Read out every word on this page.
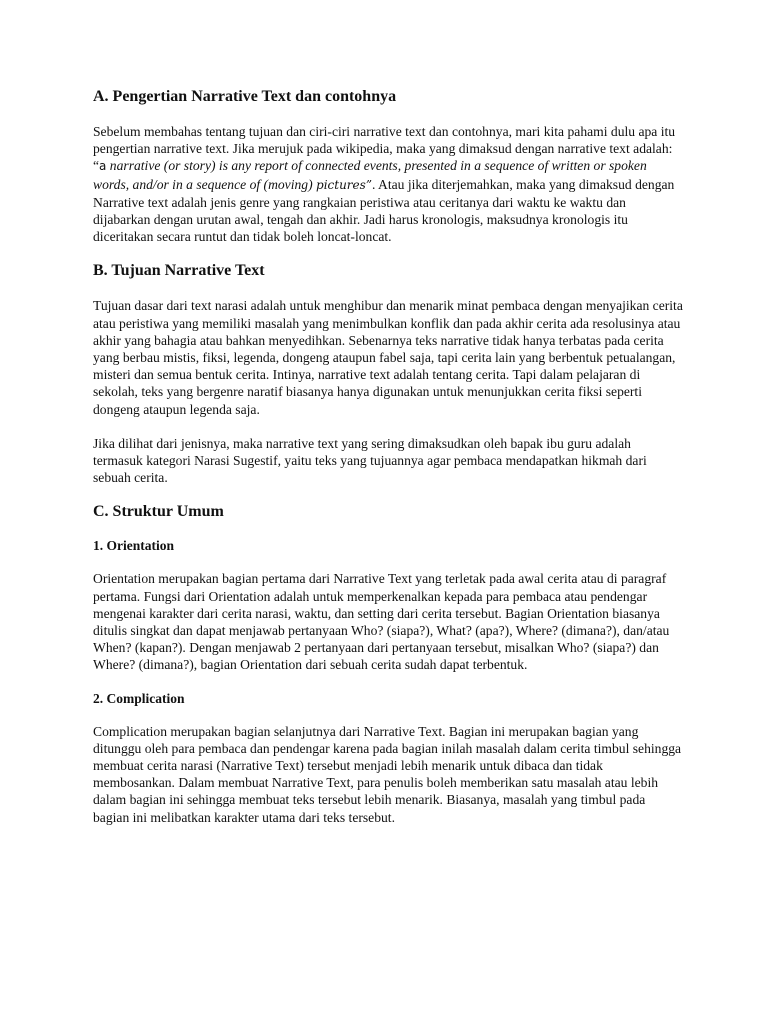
A. Pengertian Narrative Text dan contohnya

Sebelum membahas tentang tujuan dan ciri-ciri narrative text dan contohnya, mari kita pahami dulu apa itu pengertian narrative text. Jika merujuk pada wikipedia, maka yang dimaksud dengan narrative text adalah: “a narrative (or story) is any report of connected events, presented in a sequence of written or spoken words, and/or in a sequence of (moving) pictures”. Atau jika diterjemahkan, maka yang dimaksud dengan Narrative text adalah jenis genre yang rangkaian peristiwa atau ceritanya dari waktu ke waktu dan dijabarkan dengan urutan awal, tengah dan akhir. Jadi harus kronologis, maksudnya kronologis itu diceritakan secara runtut dan tidak boleh loncat-loncat.

B. Tujuan Narrative Text

Tujuan dasar dari text narasi adalah untuk menghibur dan menarik minat pembaca dengan menyajikan cerita atau peristiwa yang memiliki masalah yang menimbulkan konflik dan pada akhir cerita ada resolusinya atau akhir yang bahagia atau bahkan menyedihkan. Sebenarnya teks narrative tidak hanya terbatas pada cerita yang berbau mistis, fiksi, legenda, dongeng ataupun fabel saja, tapi cerita lain yang berbentuk petualangan, misteri dan semua bentuk cerita. Intinya, narrative text adalah tentang cerita. Tapi dalam pelajaran di sekolah, teks yang bergenre naratif biasanya hanya digunakan untuk menunjukkan cerita fiksi seperti dongeng ataupun legenda saja.

Jika dilihat dari jenisnya, maka narrative text yang sering dimaksudkan oleh bapak ibu guru adalah termasuk kategori Narasi Sugestif, yaitu teks yang tujuannya agar pembaca mendapatkan hikmah dari sebuah cerita.

C. Struktur Umum
1. Orientation

Orientation merupakan bagian pertama dari Narrative Text yang terletak pada awal cerita atau di paragraf pertama. Fungsi dari Orientation adalah untuk memperkenalkan kepada para pembaca atau pendengar mengenai karakter dari cerita narasi, waktu, dan setting dari cerita tersebut. Bagian Orientation biasanya ditulis singkat dan dapat menjawab pertanyaan Who? (siapa?), What? (apa?), Where? (dimana?), dan/atau When? (kapan?). Dengan menjawab 2 pertanyaan dari pertanyaan tersebut, misalkan Who? (siapa?) dan Where? (dimana?), bagian Orientation dari sebuah cerita sudah dapat terbentuk.

2. Complication

Complication merupakan bagian selanjutnya dari Narrative Text. Bagian ini merupakan bagian yang ditunggu oleh para pembaca dan pendengar karena pada bagian inilah masalah dalam cerita timbul sehingga membuat cerita narasi (Narrative Text) tersebut menjadi lebih menarik untuk dibaca dan tidak membosankan. Dalam membuat Narrative Text, para penulis boleh memberikan satu masalah atau lebih dalam bagian ini sehingga membuat teks tersebut lebih menarik. Biasanya, masalah yang timbul pada bagian ini melibatkan karakter utama dari teks tersebut.
